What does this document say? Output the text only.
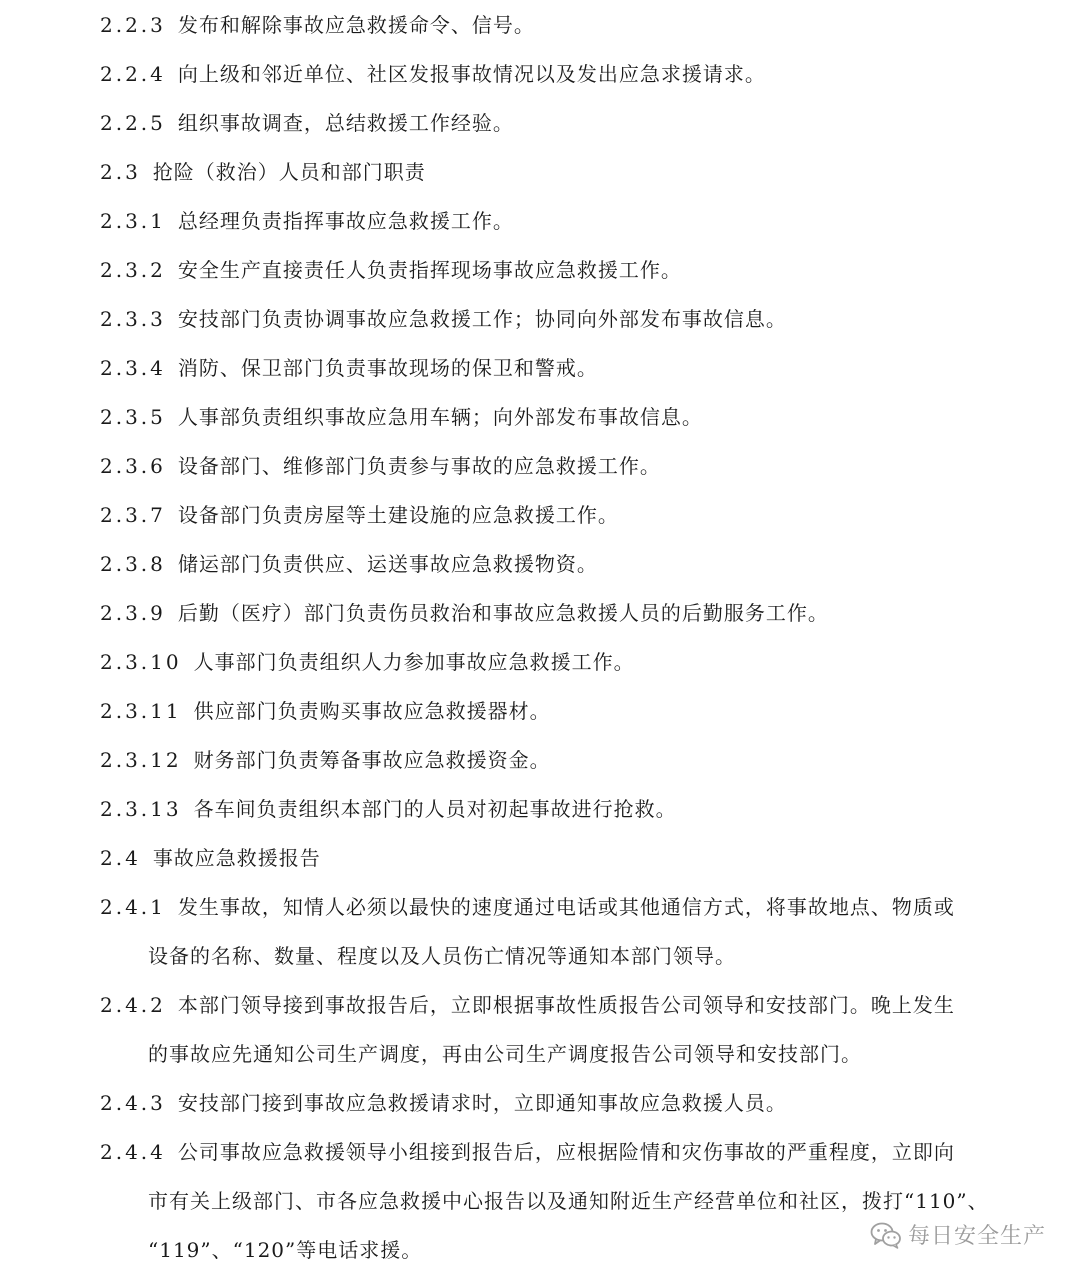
2.2.3 发布和解除事故应急救援命令、信号。
2.2.4 向上级和邻近单位、社区发报事故情况以及发出应急求援请求。
2.2.5 组织事故调查，总结救援工作经验。
2.3 抢险（救治）人员和部门职责
2.3.1 总经理负责指挥事故应急救援工作。
2.3.2 安全生产直接责任人负责指挥现场事故应急救援工作。
2.3.3 安技部门负责协调事故应急救援工作；协同向外部发布事故信息。
2.3.4 消防、保卫部门负责事故现场的保卫和警戒。
2.3.5 人事部负责组织事故应急用车辆；向外部发布事故信息。
2.3.6 设备部门、维修部门负责参与事故的应急救援工作。
2.3.7 设备部门负责房屋等土建设施的应急救援工作。
2.3.8 储运部门负责供应、运送事故应急救援物资。
2.3.9 后勤（医疗）部门负责伤员救治和事故应急救援人员的后勤服务工作。
2.3.10 人事部门负责组织人力参加事故应急救援工作。
2.3.11 供应部门负责购买事故应急救援器材。
2.3.12 财务部门负责筹备事故应急救援资金。
2.3.13 各车间负责组织本部门的人员对初起事故进行抢救。
2.4 事故应急救援报告
2.4.1 发生事故，知情人必须以最快的速度通过电话或其他通信方式，将事故地点、物质或
设备的名称、数量、程度以及人员伤亡情况等通知本部门领导。
2.4.2 本部门领导接到事故报告后，立即根据事故性质报告公司领导和安技部门。晚上发生
的事故应先通知公司生产调度，再由公司生产调度报告公司领导和安技部门。
2.4.3 安技部门接到事故应急救援请求时，立即通知事故应急救援人员。
2.4.4 公司事故应急救援领导小组接到报告后，应根据险情和灾伤事故的严重程度，立即向
市有关上级部门、市各应急救援中心报告以及通知附近生产经营单位和社区，拨打“110”、
“119”、“120”等电话求援。
每日安全生产
